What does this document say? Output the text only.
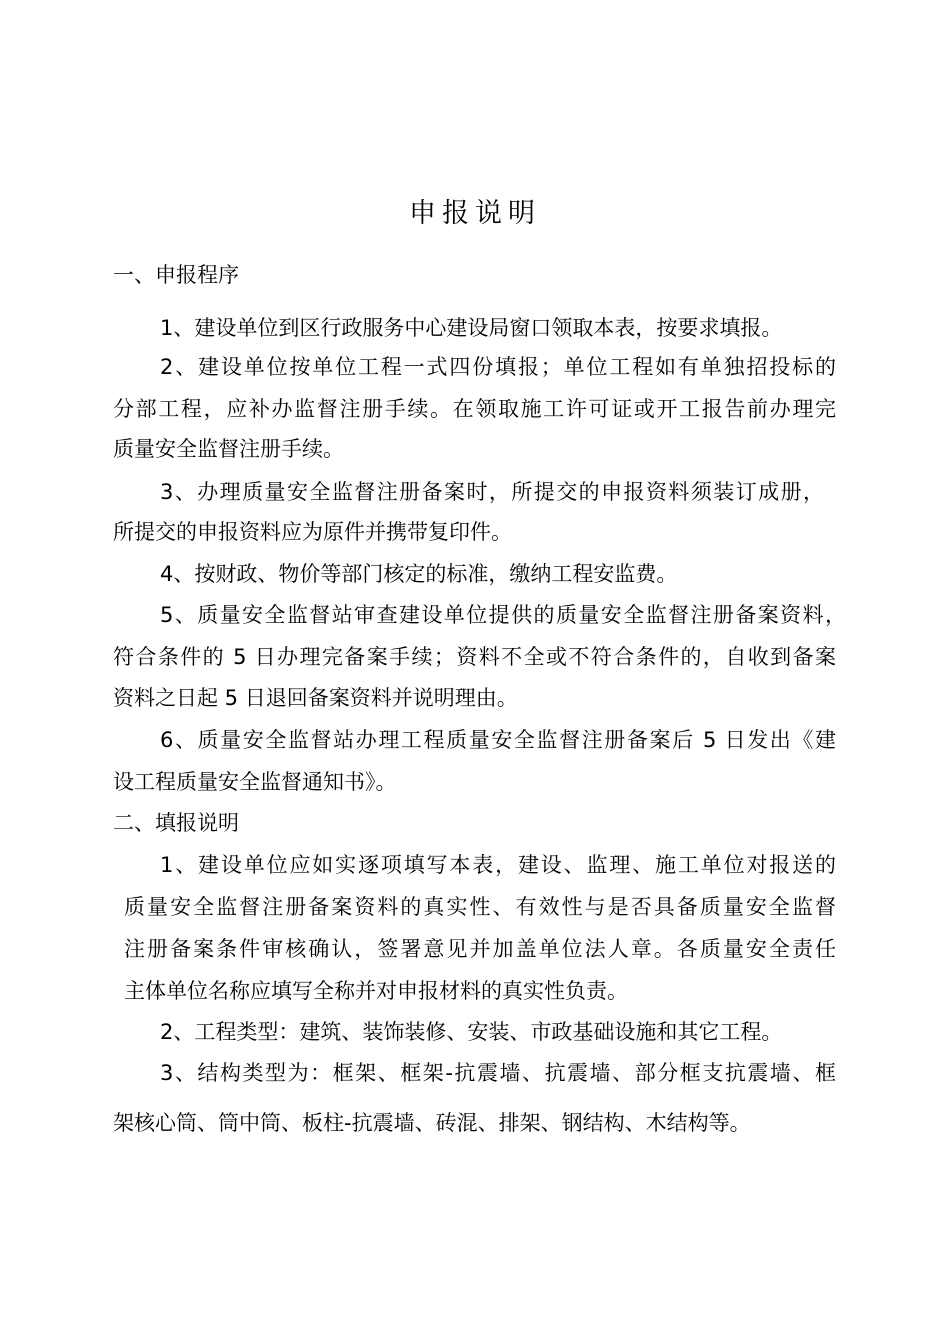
申报说明
一、申报程序
1、建设单位到区行政服务中心建设局窗口领取本表，按要求填报。
2、建设单位按单位工程一式四份填报；单位工程如有单独招投标的
分部工程，应补办监督注册手续。在领取施工许可证或开工报告前办理完
质量安全监督注册手续。
3、办理质量安全监督注册备案时，所提交的申报资料须装订成册，
所提交的申报资料应为原件并携带复印件。
4、按财政、物价等部门核定的标准，缴纳工程安监费。
5、质量安全监督站审查建设单位提供的质量安全监督注册备案资料，
符合条件的 5 日办理完备案手续；资料不全或不符合条件的，自收到备案
资料之日起 5 日退回备案资料并说明理由。
6、质量安全监督站办理工程质量安全监督注册备案后 5 日发出《建
设工程质量安全监督通知书》。
二、填报说明
1、建设单位应如实逐项填写本表，建设、监理、施工单位对报送的
质量安全监督注册备案资料的真实性、有效性与是否具备质量安全监督
注册备案条件审核确认，签署意见并加盖单位法人章。各质量安全责任
主体单位名称应填写全称并对申报材料的真实性负责。
2、工程类型：建筑、装饰装修、安装、市政基础设施和其它工程。
3、结构类型为：框架、框架-抗震墙、抗震墙、部分框支抗震墙、框
架核心筒、筒中筒、板柱-抗震墙、砖混、排架、钢结构、木结构等。
